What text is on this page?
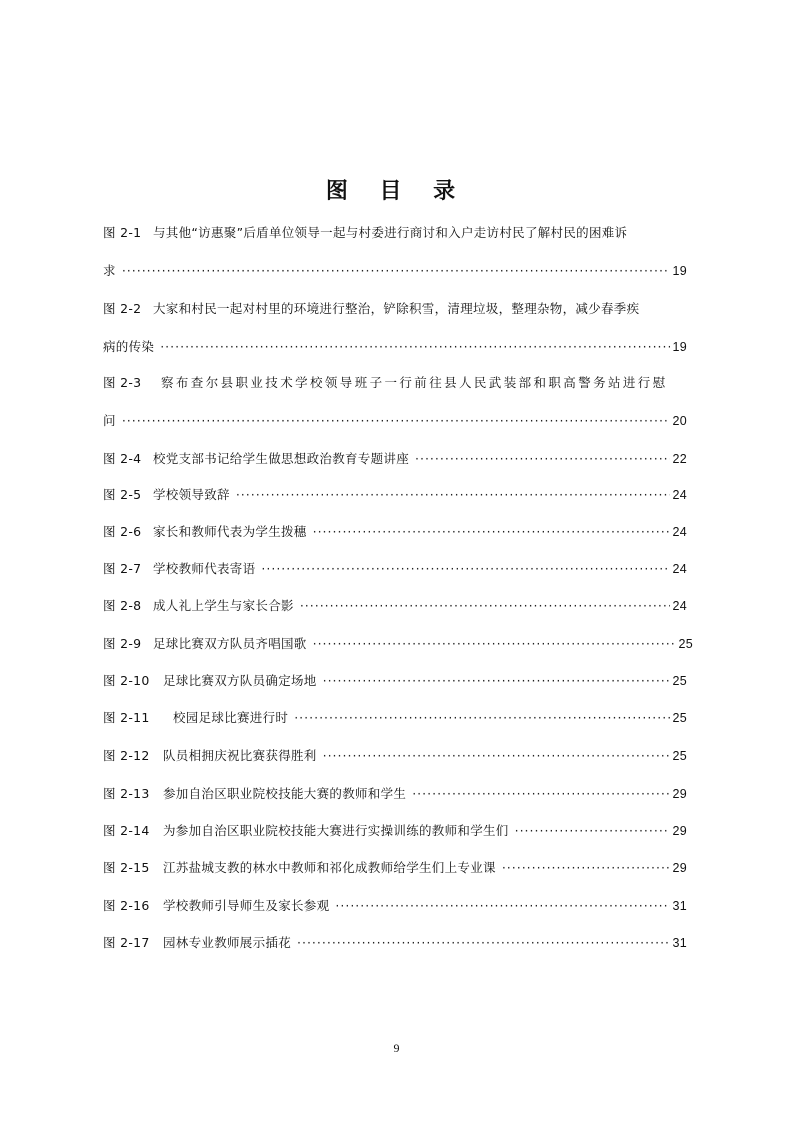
图 目 录
图 2-1 与其他“访惠聚”后盾单位领导一起与村委进行商讨和入户走访村民了解村民的困难诉
求 ·····	19
图 2-2 大家和村民一起对村里的环境进行整治，铲除积雪，清理垃圾，整理杂物，减少春季疾
病的传染 ·····	19
图 2-3 察布查尔县职业技术学校领导班子一行前往县人民武装部和职高警务站进行慰
问 ·····	20
图 2-4 校党支部书记给学生做思想政治教育专题讲座 ·····	22
图 2-5 学校领导致辞 ·····	24
图 2-6 家长和教师代表为学生拨穗 ·····	24
图 2-7 学校教师代表寄语 ·····	24
图 2-8 成人礼上学生与家长合影 ·····	24
图 2-9 足球比赛双方队员齐唱国歌 ·····	25
图 2-10	足球比赛双方队员确定场地 ·····	25
图 2-11	校园足球比赛进行时 ·····	25
图 2-12	队员相拥庆祝比赛获得胜利 ·····	25
图 2-13	参加自治区职业院校技能大赛的教师和学生 ·····	29
图 2-14	为参加自治区职业院校技能大赛进行实操训练的教师和学生们 ·····	29
图 2-15	江苏盐城支教的林水中教师和祁化成教师给学生们上专业课 ·····	29
图 2-16	学校教师引导师生及家长参观 ·····	31
图 2-17	园林专业教师展示插花 ·····	31
9
